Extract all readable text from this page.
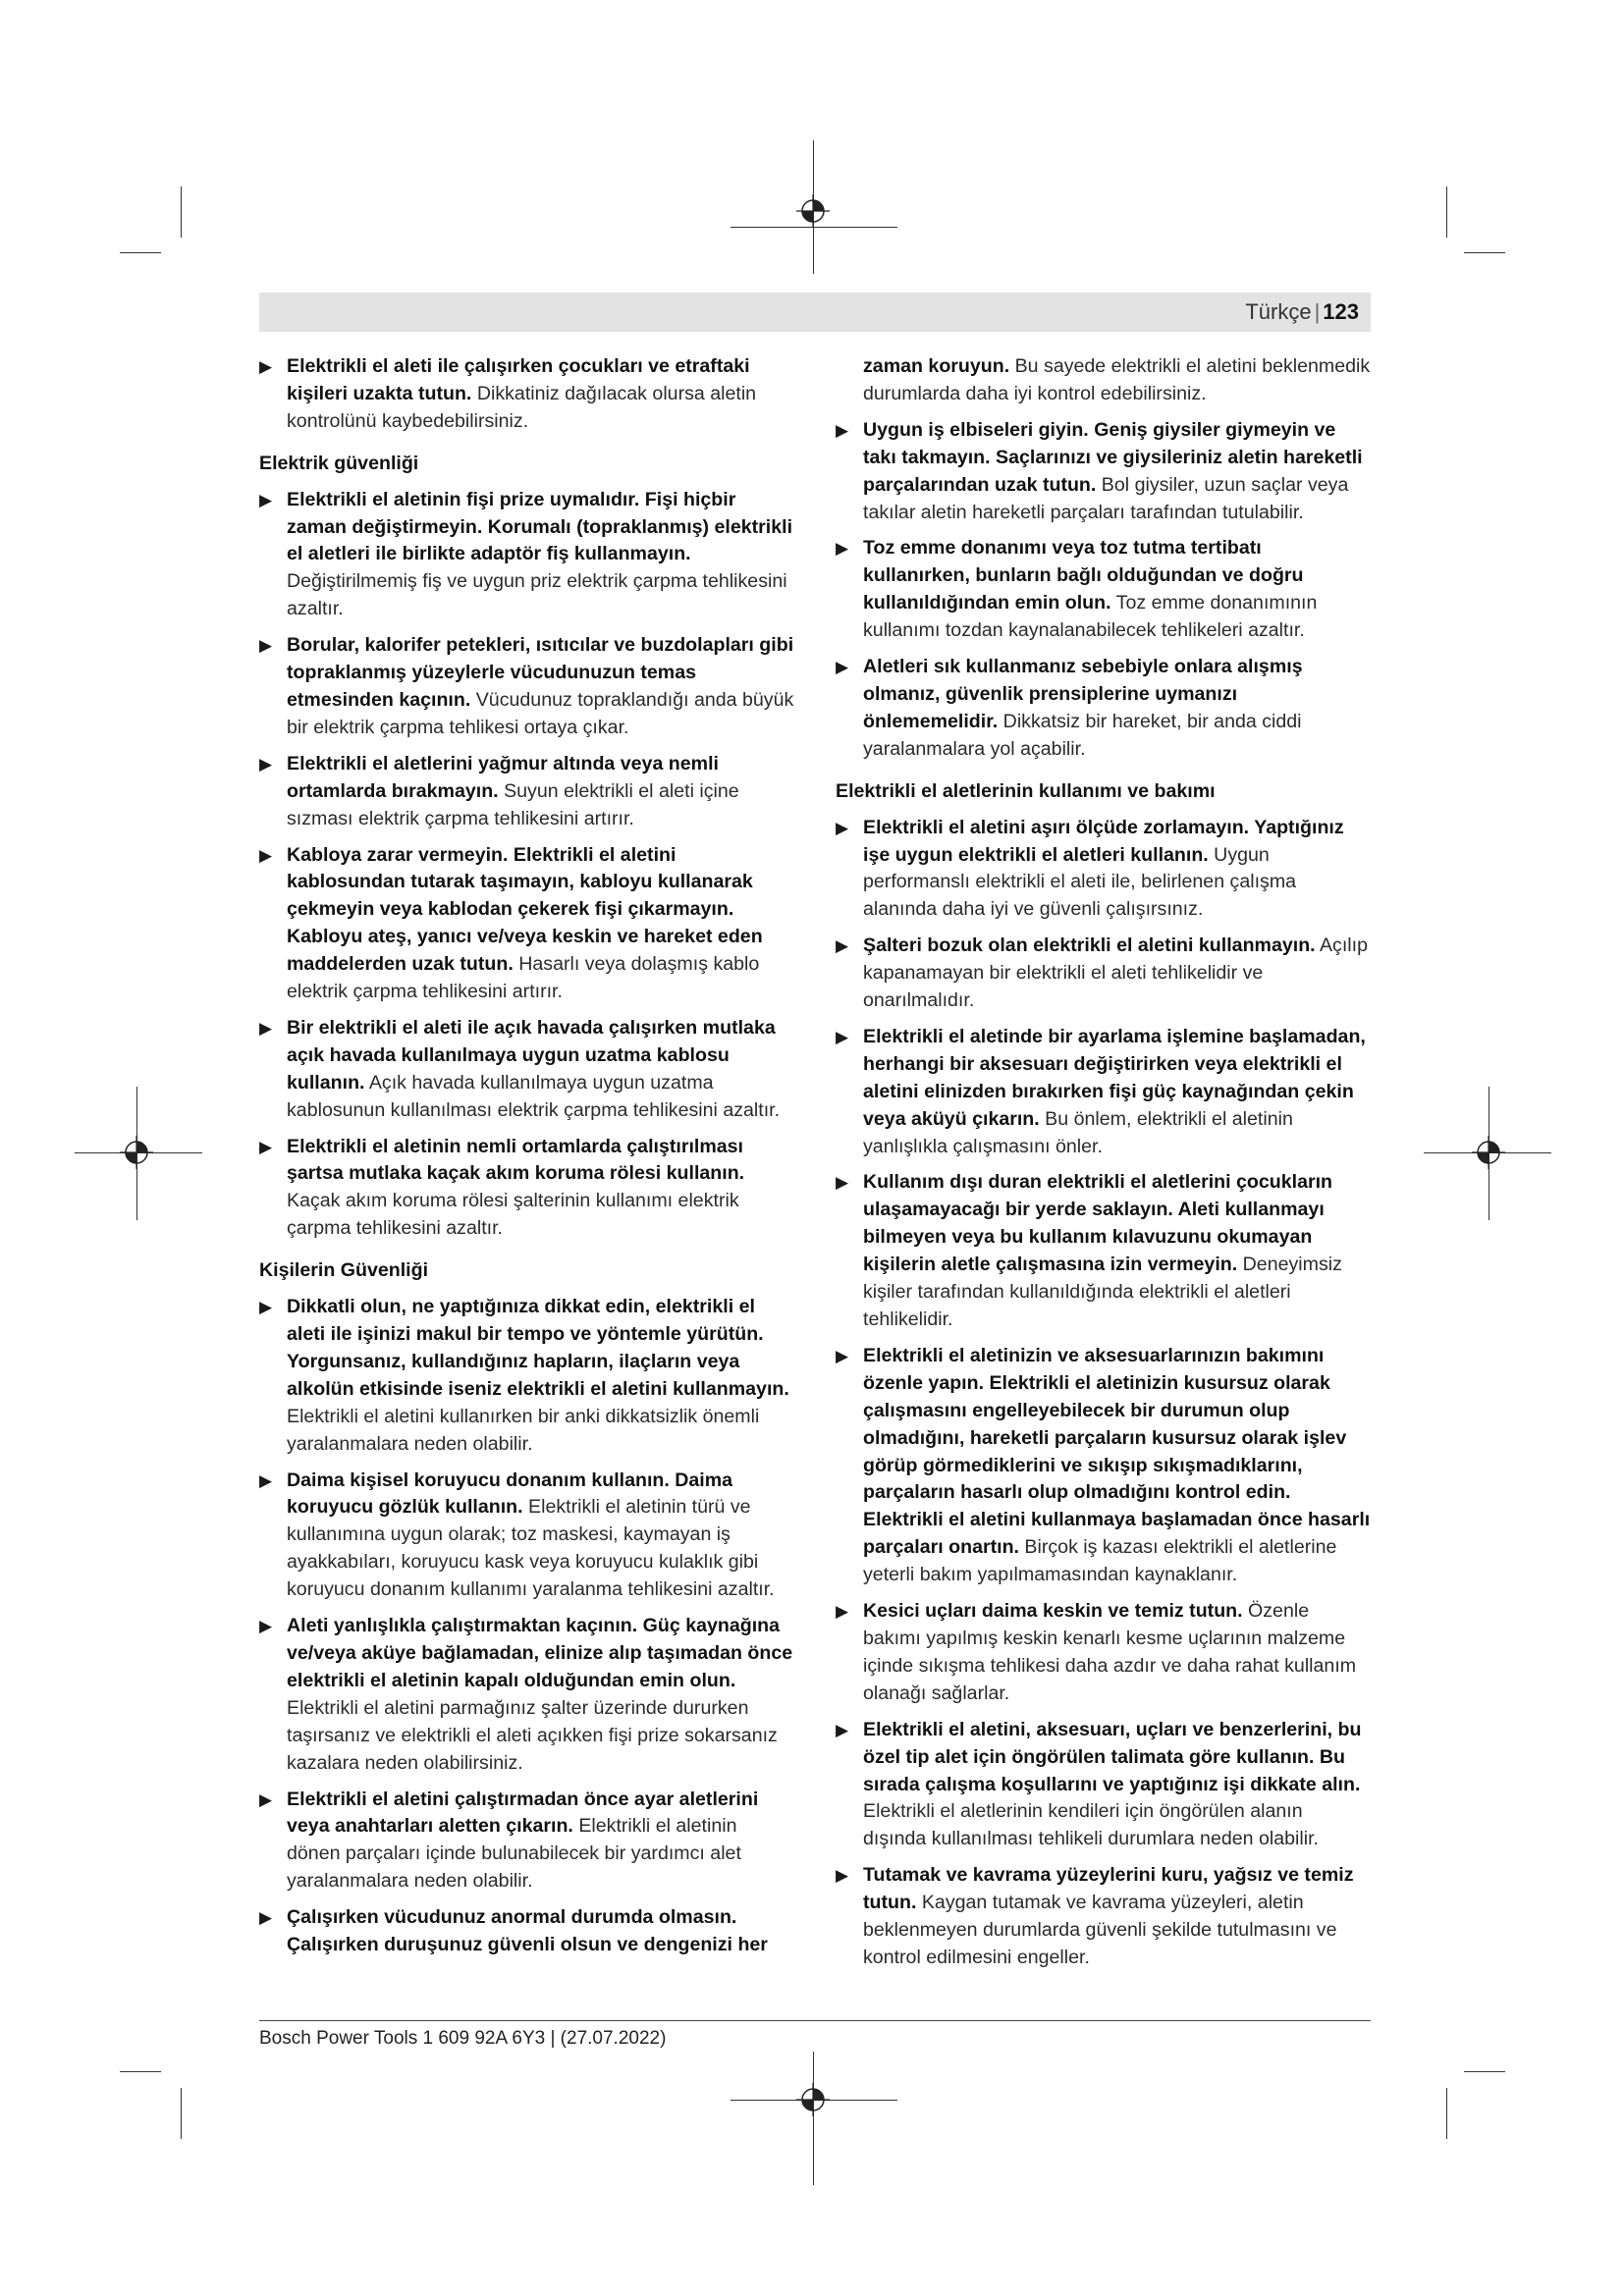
Türkçe | 123
▶ Elektrikli el aleti ile çalışırken çocukları ve etraftaki kişileri uzakta tutun. Dikkatiniz dağılacak olursa aletin kontrolünü kaybedebilirsiniz.
Elektrik güvenliği
▶ Elektrikli el aletinin fişi prize uymalıdır. Fişi hiçbir zaman değiştirmeyin. Korumalı (topraklanmış) elektrikli el aletleri ile birlikte adaptör fiş kullanmayın. Değiştirilmemiş fiş ve uygun priz elektrik çarpma tehlikesini azaltır.
▶ Borular, kalorifer petekleri, ısıtıcılar ve buzdolapları gibi topraklanmış yüzeylerle vücudunuzun temas etmesinden kaçının. Vücudunuz topraklandığı anda büyük bir elektrik çarpma tehlikesi ortaya çıkar.
▶ Elektrikli el aletlerini yağmur altında veya nemli ortamlarda bırakmayın. Suyun elektrikli el aleti içine sızması elektrik çarpma tehlikesini artırır.
▶ Kabloya zarar vermeyin. Elektrikli el aletini kablosundan tutarak taşımayın, kabloyu kullanarak çekmeyin veya kablodan çekerek fişi çıkarmayın. Kabloyu ateş, yanıcı ve/veya keskin ve hareket eden maddelerden uzak tutun. Hasarlı veya dolaşmış kablo elektrik çarpma tehlikesini artırır.
▶ Bir elektrikli el aleti ile açık havada çalışırken mutlaka açık havada kullanılmaya uygun uzatma kablosu kullanın. Açık havada kullanılmaya uygun uzatma kablosunun kullanılması elektrik çarpma tehlikesini azaltır.
▶ Elektrikli el aletinin nemli ortamlarda çalıştırılması şartsa mutlaka kaçak akım koruma rölesi kullanın. Kaçak akım koruma rölesi şalterinin kullanımı elektrik çarpma tehlikesini azaltır.
Kişilerin Güvenliği
▶ Dikkatli olun, ne yaptığınıza dikkat edin, elektrikli el aleti ile işinizi makul bir tempo ve yöntemle yürütün. Yorgunsanız, kullandığınız hapların, ilaçların veya alkolün etkisinde iseniz elektrikli el aletini kullanmayın. Elektrikli el aletini kullanırken bir anki dikkatsizlik önemli yaralanmalara neden olabilir.
▶ Daima kişisel koruyucu donanım kullanın. Daima koruyucu gözlük kullanın. Elektrikli el aletinin türü ve kullanımına uygun olarak; toz maskesi, kaymayan iş ayakkabıları, koruyucu kask veya koruyucu kulaklık gibi koruyucu donanım kullanımı yaralanma tehlikesini azaltır.
▶ Aleti yanlışlıkla çalıştırmaktan kaçının. Güç kaynağına ve/veya aküye bağlamadan, elinize alıp taşımadan önce elektrikli el aletinin kapalı olduğundan emin olun. Elektrikli el aletini parmağınız şalter üzerinde dururken taşırsanız ve elektrikli el aleti açıkken fişi prize sokarsanız kazalara neden olabilirsiniz.
▶ Elektrikli el aletini çalıştırmadan önce ayar aletlerini veya anahtarları aletten çıkarın. Elektrikli el aletinin dönen parçaları içinde bulunabilecek bir yardımcı alet yaralanmalara neden olabilir.
▶ Çalışırken vücudunuz anormal durumda olmasın. Çalışırken duruşunuz güvenli olsun ve dengenizi her
zaman koruyun. Bu sayede elektrikli el aletini beklenmedik durumlarda daha iyi kontrol edebilirsiniz.
▶ Uygun iş elbiseleri giyin. Geniş giysiler giymeyin ve takı takmayın. Saçlarınızı ve giysileriniz aletin hareketli parçalarından uzak tutun. Bol giysiler, uzun saçlar veya takılar aletin hareketli parçaları tarafından tutulabilir.
▶ Toz emme donanımı veya toz tutma tertibatı kullanırken, bunların bağlı olduğundan ve doğru kullanıldığından emin olun. Toz emme donanımının kullanımı tozdan kaynalanabilecek tehlikeleri azaltır.
▶ Aletleri sık kullanmanız sebebiyle onlara alışmış olmanız, güvenlik prensiplerine uymanızı önlememelidir. Dikkatsiz bir hareket, bir anda ciddi yaralanmalara yol açabilir.
Elektrikli el aletlerinin kullanımı ve bakımı
▶ Elektrikli el aletini aşırı ölçüde zorlamayın. Yaptığınız işe uygun elektrikli el aletleri kullanın. Uygun performanslı elektrikli el aleti ile, belirlenen çalışma alanında daha iyi ve güvenli çalışırsınız.
▶ Şalteri bozuk olan elektrikli el aletini kullanmayın. Açılıp kapanamayan bir elektrikli el aleti tehlikelidir ve onarılmalıdır.
▶ Elektrikli el aletinde bir ayarlama işlemine başlamadan, herhangi bir aksesuarı değiştirirken veya elektrikli el aletini elinizden bırakırken fişi güç kaynağından çekin veya aküyü çıkarın. Bu önlem, elektrikli el aletinin yanlışlıkla çalışmasını önler.
▶ Kullanım dışı duran elektrikli el aletlerini çocukların ulaşamayacağı bir yerde saklayın. Aleti kullanmayı bilmeyen veya bu kullanım kılavuzunu okumayan kişilerin aletle çalışmasına izin vermeyin. Deneyimsiz kişiler tarafından kullanıldığında elektrikli el aletleri tehlikelidir.
▶ Elektrikli el aletinizin ve aksesuarlarınızın bakımını özenle yapın. Elektrikli el aletinizin kusursuz olarak çalışmasını engelleyebilecek bir durumun olup olmadığını, hareketli parçaların kusursuz olarak işlev görüp görmediklerini ve sıkışıp sıkışmadıklarını, parçaların hasarlı olup olmadığını kontrol edin. Elektrikli el aletini kullanmaya başlamadan önce hasarlı parçaları onartın. Birçok iş kazası elektrikli el aletlerine yeterli bakım yapılmamasından kaynaklanır.
▶ Kesici uçları daima keskin ve temiz tutun. Özenle bakımı yapılmış keskin kenarlı kesme uçlarının malzeme içinde sıkışma tehlikesi daha azdır ve daha rahat kullanım olanağı sağlarlar.
▶ Elektrikli el aletini, aksesuarı, uçları ve benzerlerini, bu özel tip alet için öngörülen talimata göre kullanın. Bu sırada çalışma koşullarını ve yaptığınız işi dikkate alın. Elektrikli el aletlerinin kendileri için öngörülen alanın dışında kullanılması tehlikeli durumlara neden olabilir.
▶ Tutamak ve kavrama yüzeylerini kuru, yağsız ve temiz tutun. Kaygan tutamak ve kavrama yüzeyleri, aletin beklenmeyen durumlarda güvenli şekilde tutulmasını ve kontrol edilmesini engeller.
Bosch Power Tools 1 609 92A 6Y3 | (27.07.2022)
